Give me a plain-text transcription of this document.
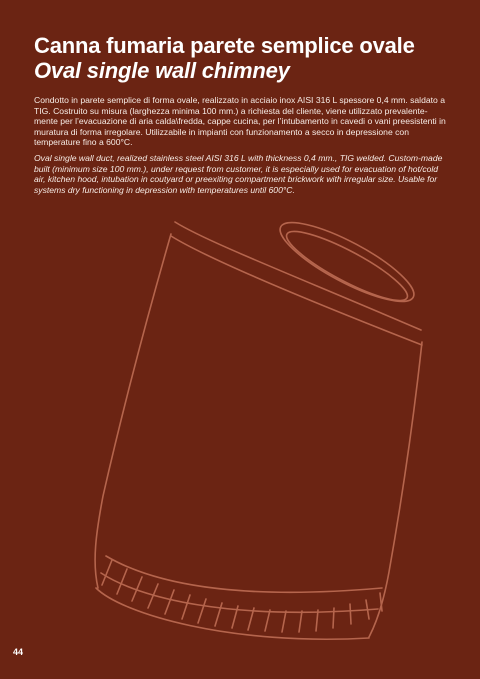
Canna fumaria parete semplice ovale
Oval single wall chimney

Condotto in parete semplice di forma ovale, realizzato in acciaio inox AISI 316 L spessore 0,4 mm. saldato a TIG. Costruito su misura (larghezza minima 100 mm.) a richiesta del cliente, viene utilizzato prevalente-mente per l’evacuazione di aria calda\fredda, cappe cucina, per l’intubamento in cavedi o vani preesistenti in muratura di forma irregolare. Utilizzabile in impianti con funzionamento a secco in depressione con temperature fino a 600°C.

Oval single wall duct, realized stainless steel AISI 316 L with thickness 0,4 mm., TIG welded. Custom-made built (minimum size 100 mm.), under request from customer, it is especially used for evacuation of hot/cold air, kitchen hood, intubation in coutyard or preexiting compartment brickwork with irregular size. Usable for systems dry functioning in depression with temperatures until 600°C.

44
